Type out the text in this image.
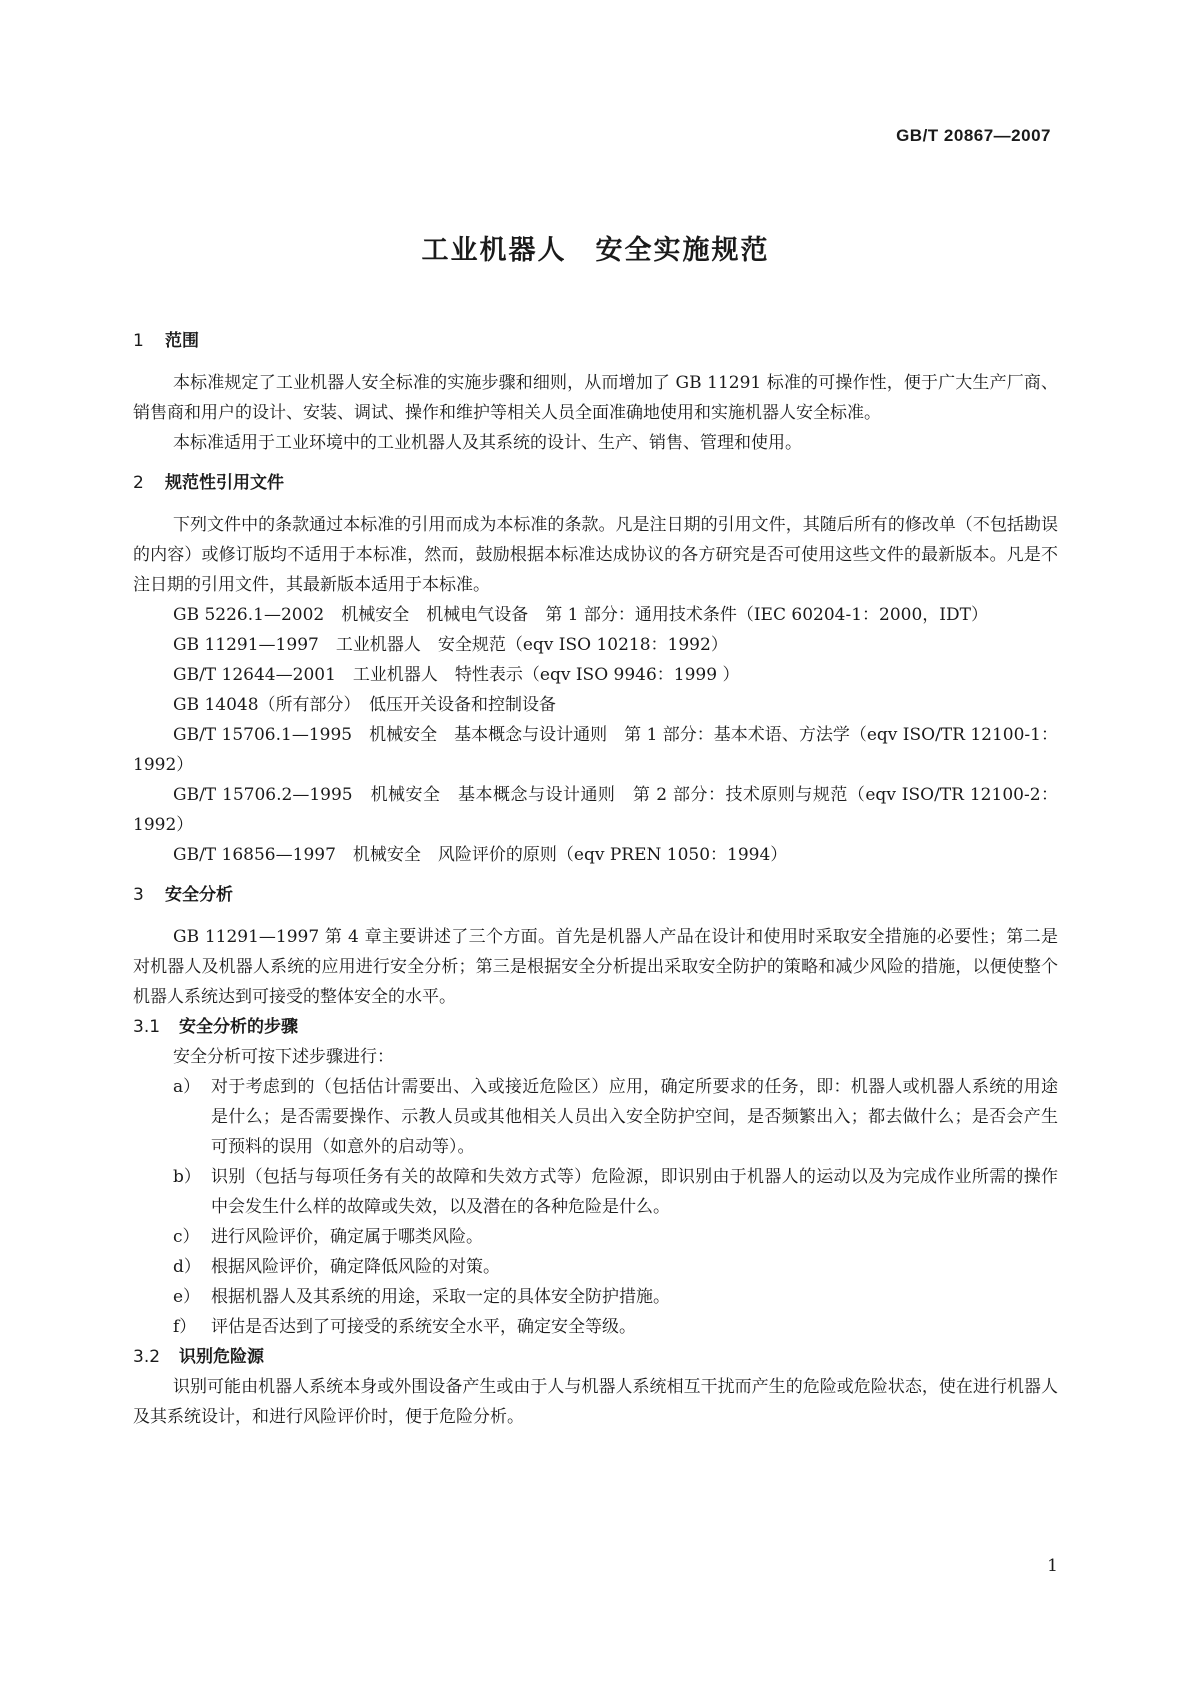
GB/T 20867—2007
工业机器人　安全实施规范
1 范围

本标准规定了工业机器人安全标准的实施步骤和细则，从而增加了 GB 11291 标准的可操作性，便于广大生产厂商、销售商和用户的设计、安装、调试、操作和维护等相关人员全面准确地使用和实施机器人安全标准。

本标准适用于工业环境中的工业机器人及其系统的设计、生产、销售、管理和使用。

2 规范性引用文件

下列文件中的条款通过本标准的引用而成为本标准的条款。凡是注日期的引用文件，其随后所有的修改单（不包括勘误的内容）或修订版均不适用于本标准，然而，鼓励根据本标准达成协议的各方研究是否可使用这些文件的最新版本。凡是不注日期的引用文件，其最新版本适用于本标准。

GB 5226.1—2002　机械安全　机械电气设备　第 1 部分：通用技术条件（IEC 60204-1：2000，IDT）

GB 11291—1997　工业机器人　安全规范（eqv ISO 10218：1992）

GB/T 12644—2001　工业机器人　特性表示（eqv ISO 9946：1999 ）

GB 14048（所有部分）　低压开关设备和控制设备

GB/T 15706.1—1995　机械安全　基本概念与设计通则　第 1 部分：基本术语、方法学（eqv ISO/TR 12100-1：1992）

GB/T 15706.2—1995　机械安全　基本概念与设计通则　第 2 部分：技术原则与规范（eqv ISO/TR 12100-2：1992）

GB/T 16856—1997　机械安全　风险评价的原则（eqv PREN 1050：1994）

3 安全分析

GB 11291—1997 第 4 章主要讲述了三个方面。首先是机器人产品在设计和使用时采取安全措施的必要性；第二是对机器人及机器人系统的应用进行安全分析；第三是根据安全分析提出采取安全防护的策略和减少风险的措施，以便使整个机器人系统达到可接受的整体安全的水平。

3.1 安全分析的步骤

安全分析可按下述步骤进行：

a） 对于考虑到的（包括估计需要出、入或接近危险区）应用，确定所要求的任务，即：机器人或机器人系统的用途是什么；是否需要操作、示教人员或其他相关人员出入安全防护空间，是否频繁出入；都去做什么；是否会产生可预料的误用（如意外的启动等）。
b） 识别（包括与每项任务有关的故障和失效方式等）危险源，即识别由于机器人的运动以及为完成作业所需的操作中会发生什么样的故障或失效，以及潜在的各种危险是什么。
c） 进行风险评价，确定属于哪类风险。
d） 根据风险评价，确定降低风险的对策。
e） 根据机器人及其系统的用途，采取一定的具体安全防护措施。
f） 评估是否达到了可接受的系统安全水平，确定安全等级。
3.2 识别危险源

识别可能由机器人系统本身或外围设备产生或由于人与机器人系统相互干扰而产生的危险或危险状态，使在进行机器人及其系统设计，和进行风险评价时，便于危险分析。

1
